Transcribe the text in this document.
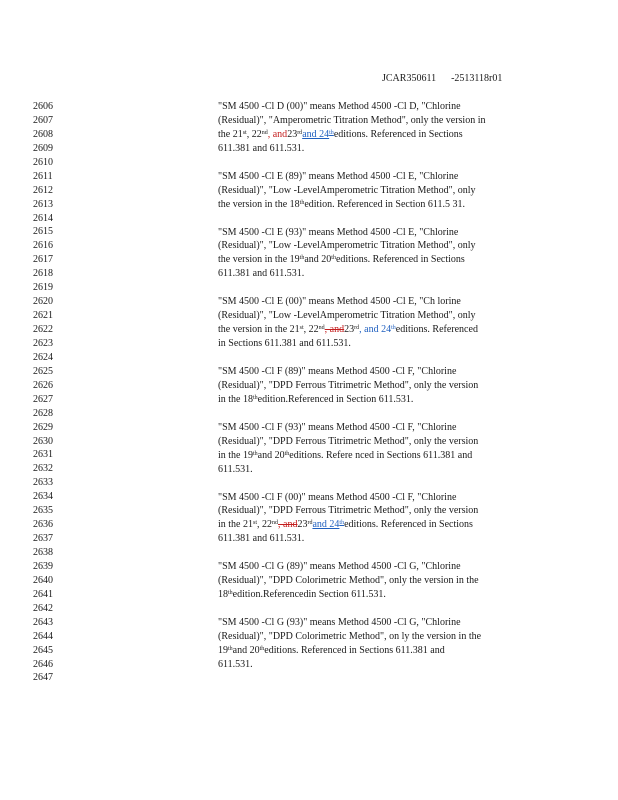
JCAR350611 -2513118r01
2606
2607
2608
2609
2610
2611
2612
2613
2614
2615
2616
2617
2618
2619
2620
2621
2622
2623
2624
2625
2626
2627
2628
2629
2630
2631
2632
2633
2634
2635
2636
2637
2638
2639
2640
2641
2642
2643
2644
2645
2646
2647
"SM 4500 -Cl D (00)" means Method 4500 -Cl D, "Chlorine
(Residual)", "Amperometric Titration Method", only the version in
the 21st , 22nd , and 23rd and 24th editions. Referenced in Sections
611.381 and 611.531.
"SM 4500 -Cl E (89)" means Method 4500 -Cl E, "Chlorine
(Residual)", "Low -LevelAmperometric Titration Method", only
the version in the 18th edition. Referenced in Section 611.5 31.
"SM 4500 -Cl E (93)" means Method 4500 -Cl E, "Chlorine
(Residual)", "Low -LevelAmperometric Titration Method", only
the version in the 19th and 20th editions. Referenced in Sections
611.381 and 611.531.
"SM 4500 -Cl E (00)" means Method 4500 -Cl E, "Ch lorine
(Residual)", "Low -LevelAmperometric Titration Method", only
the version in the 21st , 22nd , and 23rd , and 24th editions. Referenced
in Sections 611.381 and 611.531.
"SM 4500 -Cl F (89)" means Method 4500 -Cl F, "Chlorine
(Residual)", "DPD Ferrous Titrimetric Method", only the version
in the 18th edition.Referenced in Section 611.531.
"SM 4500 -Cl F (93)" means Method 4500 -Cl F, "Chlorine
(Residual)", "DPD Ferrous Titrimetric Method", only the version
in the 19th and 20th editions. Refere nced in Sections 611.381 and
611.531.
"SM 4500 -Cl F (00)" means Method 4500 -Cl F, "Chlorine
(Residual)", "DPD Ferrous Titrimetric Method", only the version
in the 21st , 22nd , and 23rd and 24th editions. Referenced in Sections
611.381 and 611.531.
"SM 4500 -Cl G (89)" means Method 4500 -Cl G, "Chlorine
(Residual)", "DPD Colorimetric Method", only the version in the
18th edition.Referencedin Section 611.531.
"SM 4500 -Cl G (93)" means Method 4500 -Cl G, "Chlorine
(Residual)", "DPD Colorimetric Method", on ly the version in the
19th and 20th editions. Referenced in Sections 611.381 and
611.531.
